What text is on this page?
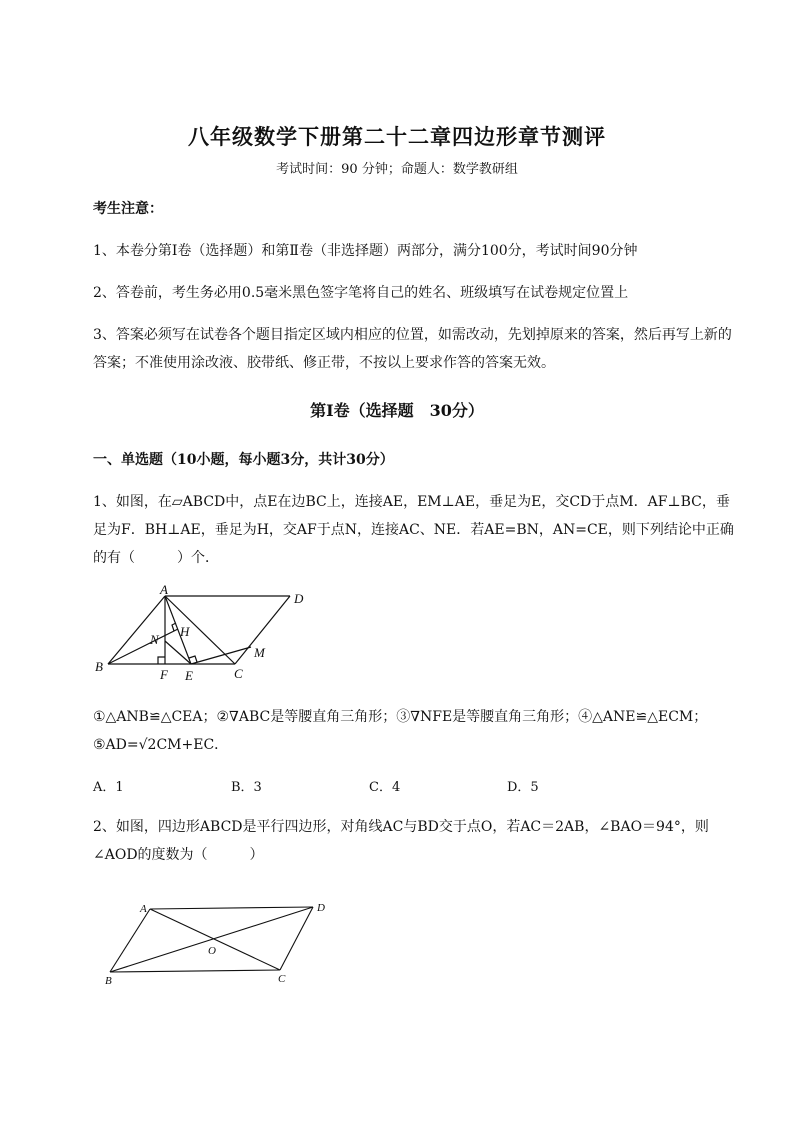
八年级数学下册第二十二章四边形章节测评
考试时间：90 分钟；命题人：数学教研组
考生注意：
1、本卷分第Ⅰ卷（选择题）和第Ⅱ卷（非选择题）两部分，满分100分，考试时间90分钟
2、答卷前，考生务必用0.5毫米黑色签字笔将自己的姓名、班级填写在试卷规定位置上
3、答案必须写在试卷各个题目指定区域内相应的位置，如需改动，先划掉原来的答案，然后再写上新的答案；不准使用涂改液、胶带纸、修正带，不按以上要求作答的答案无效。
第Ⅰ卷（选择题　30分）
一、单选题（10小题，每小题3分，共计30分）
1、如图，在▱ABCD中，点E在边BC上，连接AE，EM⊥AE，垂足为E，交CD于点M．AF⊥BC，垂足为F．BH⊥AE，垂足为H，交AF于点N，连接AC、NE．若AE=BN，AN=CE，则下列结论中正确的有（　　　）个．
A
D
B	C
E
F
H
N
M
①△ANB≌△CEA；②∇ABC是等腰直角三角形；③∇NFE是等腰直角三角形；④△ANE≌△ECM；⑤AD=√2CM+EC．
A．1	B．3	C．4	D．5
2、如图，四边形ABCD是平行四边形，对角线AC与BD交于点O，若AC＝2AB，∠BAO＝94°，则∠AOD的度数为（　　　）
A	D
B	C
O
